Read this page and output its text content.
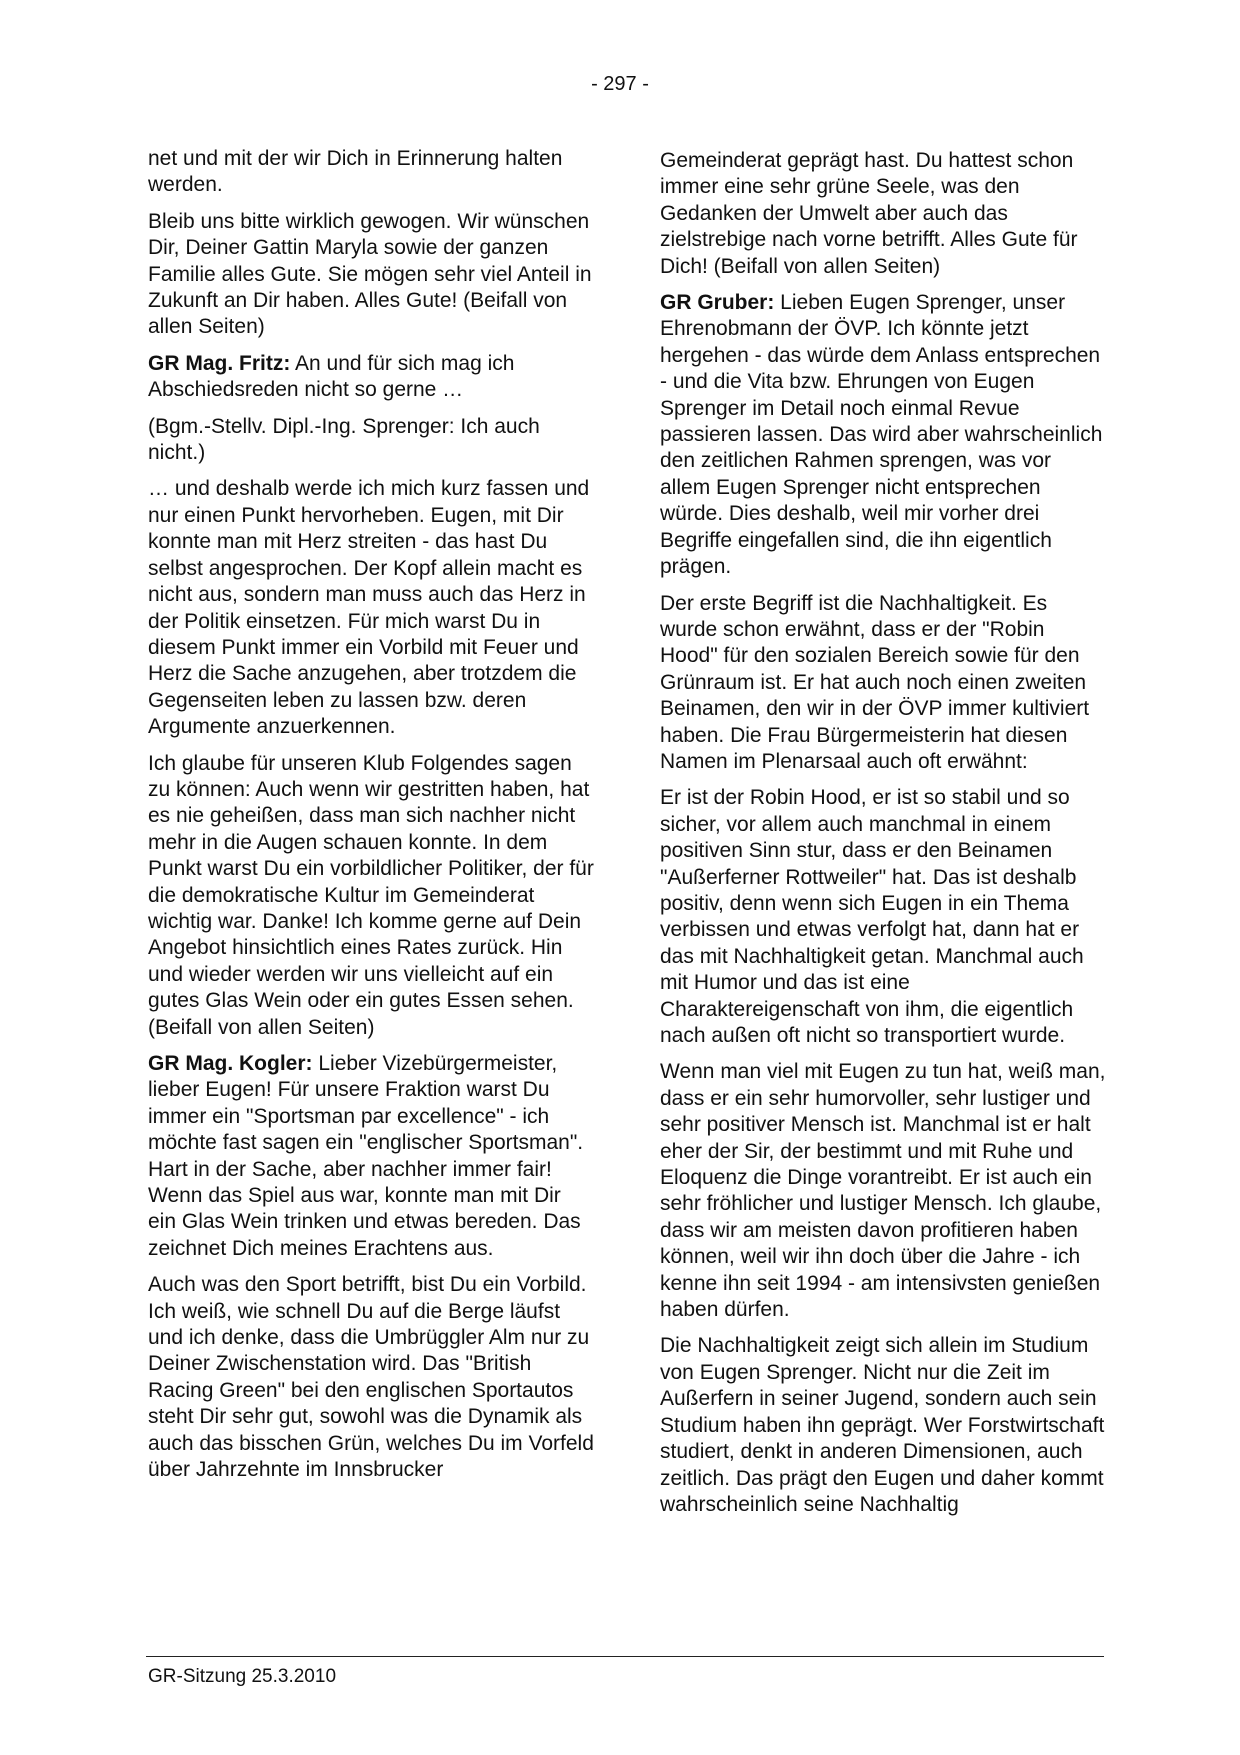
- 297 -

net und mit der wir Dich in Erinnerung halten werden.

Bleib uns bitte wirklich gewogen. Wir wünschen Dir, Deiner Gattin Maryla sowie der ganzen Familie alles Gute. Sie mögen sehr viel Anteil in Zukunft an Dir haben. Alles Gute! (Beifall von allen Seiten)

GR Mag. Fritz: An und für sich mag ich Abschiedsreden nicht so gerne …

(Bgm.-Stellv. Dipl.-Ing. Sprenger: Ich auch nicht.)

… und deshalb werde ich mich kurz fassen und nur einen Punkt hervorheben. Eugen, mit Dir konnte man mit Herz streiten - das hast Du selbst angesprochen. Der Kopf allein macht es nicht aus, sondern man muss auch das Herz in der Politik einsetzen. Für mich warst Du in diesem Punkt immer ein Vorbild mit Feuer und Herz die Sache anzugehen, aber trotzdem die Gegenseiten leben zu lassen bzw. deren Argumente anzuerkennen.

Ich glaube für unseren Klub Folgendes sagen zu können: Auch wenn wir gestritten haben, hat es nie geheißen, dass man sich nachher nicht mehr in die Augen schauen konnte. In dem Punkt warst Du ein vorbildlicher Politiker, der für die demokratische Kultur im Gemeinderat wichtig war. Danke! Ich komme gerne auf Dein Angebot hinsichtlich eines Rates zurück. Hin und wieder werden wir uns vielleicht auf ein gutes Glas Wein oder ein gutes Essen sehen. (Beifall von allen Seiten)

GR Mag. Kogler: Lieber Vizebürgermeister, lieber Eugen! Für unsere Fraktion warst Du immer ein "Sportsman par excellence" - ich möchte fast sagen ein "englischer Sportsman". Hart in der Sache, aber nachher immer fair! Wenn das Spiel aus war, konnte man mit Dir ein Glas Wein trinken und etwas bereden. Das zeichnet Dich meines Erachtens aus.

Auch was den Sport betrifft, bist Du ein Vorbild. Ich weiß, wie schnell Du auf die Berge läufst und ich denke, dass die Umbrüggler Alm nur zu Deiner Zwischenstation wird. Das "British Racing Green" bei den englischen Sportautos steht Dir sehr gut, sowohl was die Dynamik als auch das bisschen Grün, welches Du im Vorfeld über Jahrzehnte im Innsbrucker

Gemeinderat geprägt hast. Du hattest schon immer eine sehr grüne Seele, was den Gedanken der Umwelt aber auch das zielstrebige nach vorne betrifft. Alles Gute für Dich! (Beifall von allen Seiten)

GR Gruber: Lieben Eugen Sprenger, unser Ehrenobmann der ÖVP. Ich könnte jetzt hergehen - das würde dem Anlass entsprechen - und die Vita bzw. Ehrungen von Eugen Sprenger im Detail noch einmal Revue passieren lassen. Das wird aber wahrscheinlich den zeitlichen Rahmen sprengen, was vor allem Eugen Sprenger nicht entsprechen würde. Dies deshalb, weil mir vorher drei Begriffe eingefallen sind, die ihn eigentlich prägen.

Der erste Begriff ist die Nachhaltigkeit. Es wurde schon erwähnt, dass er der "Robin Hood" für den sozialen Bereich sowie für den Grünraum ist. Er hat auch noch einen zweiten Beinamen, den wir in der ÖVP immer kultiviert haben. Die Frau Bürgermeisterin hat diesen Namen im Plenarsaal auch oft erwähnt:

Er ist der Robin Hood, er ist so stabil und so sicher, vor allem auch manchmal in einem positiven Sinn stur, dass er den Beinamen "Außerferner Rottweiler" hat. Das ist deshalb positiv, denn wenn sich Eugen in ein Thema verbissen und etwas verfolgt hat, dann hat er das mit Nachhaltigkeit getan. Manchmal auch mit Humor und das ist eine Charaktereigenschaft von ihm, die eigentlich nach außen oft nicht so transportiert wurde.

Wenn man viel mit Eugen zu tun hat, weiß man, dass er ein sehr humorvoller, sehr lustiger und sehr positiver Mensch ist. Manchmal ist er halt eher der Sir, der bestimmt und mit Ruhe und Eloquenz die Dinge vorantreibt. Er ist auch ein sehr fröhlicher und lustiger Mensch. Ich glaube, dass wir am meisten davon profitieren haben können, weil wir ihn doch über die Jahre - ich kenne ihn seit 1994 - am intensivsten genießen haben dürfen.

Die Nachhaltigkeit zeigt sich allein im Studium von Eugen Sprenger. Nicht nur die Zeit im Außerfern in seiner Jugend, sondern auch sein Studium haben ihn geprägt. Wer Forstwirtschaft studiert, denkt in anderen Dimensionen, auch zeitlich. Das prägt den Eugen und daher kommt wahrscheinlich seine Nachhaltig

GR-Sitzung 25.3.2010
